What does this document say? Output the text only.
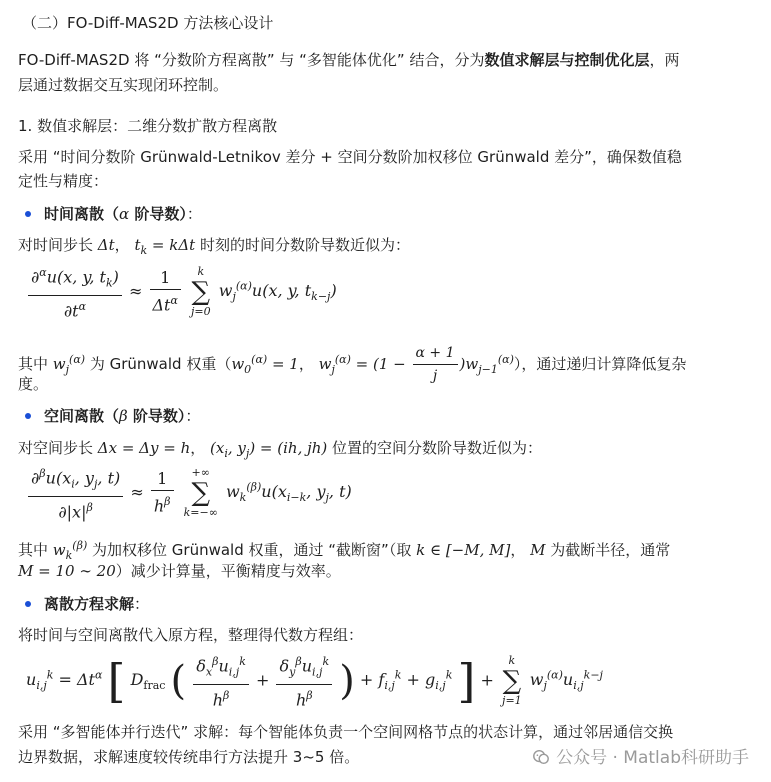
（二）FO-Diff-MAS2D 方法核心设计
FO-Diff-MAS2D 将 “分数阶方程离散” 与 “多智能体优化” 结合，分为数值求解层与控制优化层，两
层通过数据交互实现闭环控制。
1. 数值求解层：二维分数扩散方程离散
采用 “时间分数阶 Grünwald-Letnikov 差分 + 空间分数阶加权移位 Grünwald 差分”，确保数值稳
定性与精度：
时间离散（α 阶导数）：
对时间步长 Δt， $t_k = k\Delta t$ 时刻的时间分数阶导数近似为：
$\frac{\partial^\alpha u(x, y, t_k)}{\partial t^\alpha} \approx \frac{1}{\Delta t^\alpha}$
	k
∑
j=0
$w_j^{(\alpha)}u(x$, y, $t_{k-j}$)
其中 $w_j^{(\alpha)}$ 为 Grünwald 权重（$w_0^{(\alpha)} = 1$， $w_j^{(\alpha)} = (1 - \frac{\alpha + 1}{j} )w_{j-1}^{(\alpha)}$），通过递归计算降低复杂
度。
空间离散（β 阶导数）：
对空间步长 Δx = Δy = h， ($x_i$, $y_j) = (ih$, jh) 位置的空间分数阶导数近似为：
$\frac{\partial^\beta u(x_i, y_j, t)}{\partial|x|^\beta} \approx \frac{1}{h^\beta}$
	+∞
∑
k=−∞
$w_k^{(\beta)}u(x_{i-k}$, $y_j$, t)
其中 $w_k^{(\beta)}$ 为加权移位 Grünwald 权重，通过 “截断窗”（取 k ∈ [−M, M]， M 为截断半径，通常
M = 10 ∼ 20）减少计算量，平衡精度与效率。
离散方程求解：
将时间与空间离散代入原方程，整理得代数方程组：
$u_{i,j}^k = \Delta t^\alpha$ [ $D_{frac}$ ( $\frac{\delta_x^\beta u_{i,j}^k}{h^\beta} + \frac{\delta_y^\beta u_{i,j}^k}{h^\beta}$ ) + $f_{i,j}^k + g_{i,j}^k$ ] +
k
∑
j=1
$w_j^{(\alpha)}u_{i,j}^{k-j}$
采用 “多智能体并行迭代” 求解：每个智能体负责一个空间网格节点的状态计算，通过邻居通信交换
边界数据，求解速度较传统串行方法提升 3~5 倍。	公众号 · Matlab科研助手
